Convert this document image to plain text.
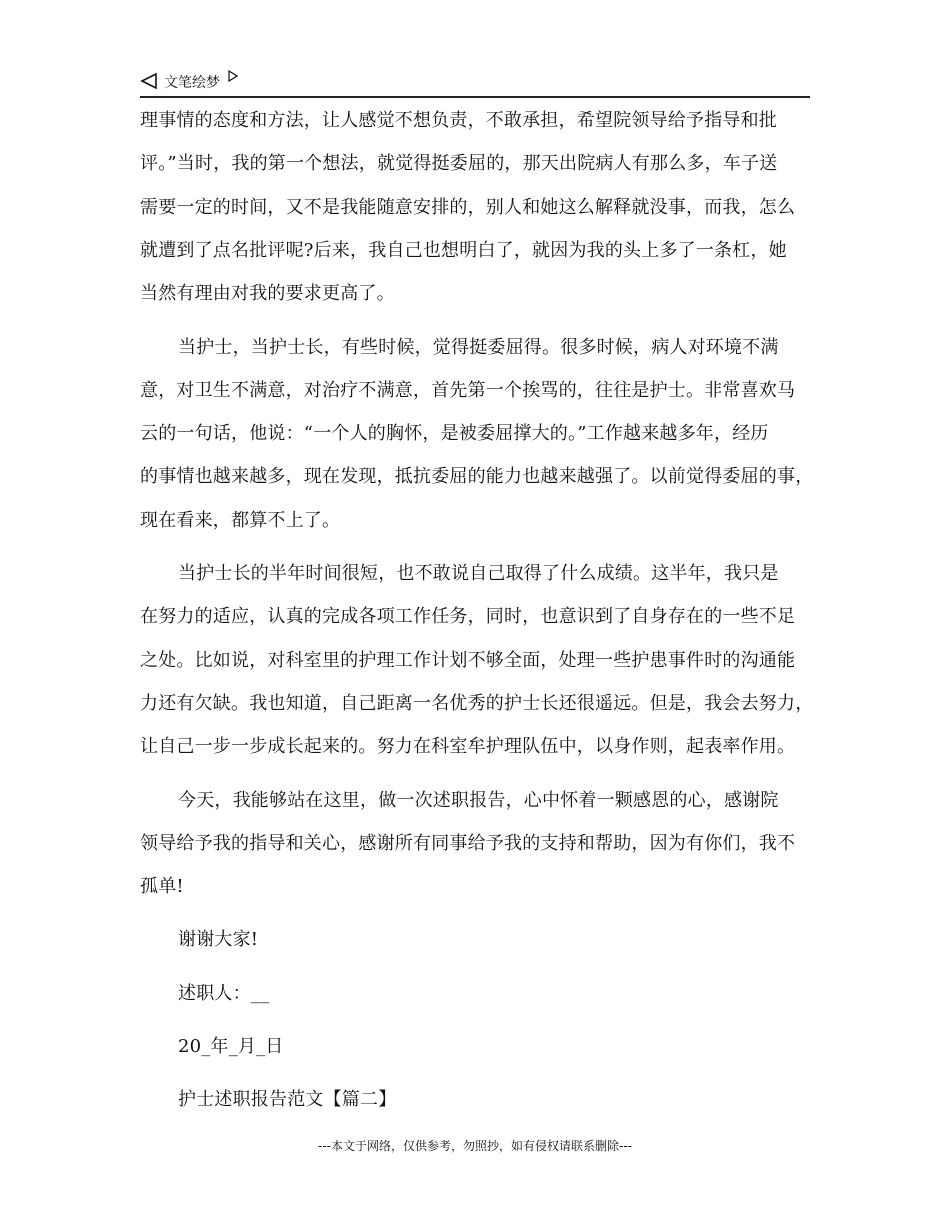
文笔绘梦
理事情的态度和方法，让人感觉不想负责，不敢承担，希望院领导给予指导和批
评。”当时，我的第一个想法，就觉得挺委屈的，那天出院病人有那么多，车子送
需要一定的时间，又不是我能随意安排的，别人和她这么解释就没事，而我，怎么
就遭到了点名批评呢?后来，我自己也想明白了，就因为我的头上多了一条杠，她
当然有理由对我的要求更高了。
当护士，当护士长，有些时候，觉得挺委屈得。很多时候，病人对环境不满
意，对卫生不满意，对治疗不满意，首先第一个挨骂的，往往是护士。非常喜欢马
云的一句话，他说：“一个人的胸怀，是被委屈撑大的。”工作越来越多年，经历
的事情也越来越多，现在发现，抵抗委屈的能力也越来越强了。以前觉得委屈的事，
现在看来，都算不上了。
当护士长的半年时间很短，也不敢说自己取得了什么成绩。这半年，我只是
在努力的适应，认真的完成各项工作任务，同时，也意识到了自身存在的一些不足
之处。比如说，对科室里的护理工作计划不够全面，处理一些护患事件时的沟通能
力还有欠缺。我也知道，自己距离一名优秀的护士长还很遥远。但是，我会去努力，
让自己一步一步成长起来的。努力在科室牟护理队伍中，以身作则，起表率作用。
今天，我能够站在这里，做一次述职报告，心中怀着一颗感恩的心，感谢院
领导给予我的指导和关心，感谢所有同事给予我的支持和帮助，因为有你们，我不
孤单!
谢谢大家!
述职人：__
20_年_月_日
护士述职报告范文【篇二】
---本文于网络，仅供参考，勿照抄，如有侵权请联系删除---
